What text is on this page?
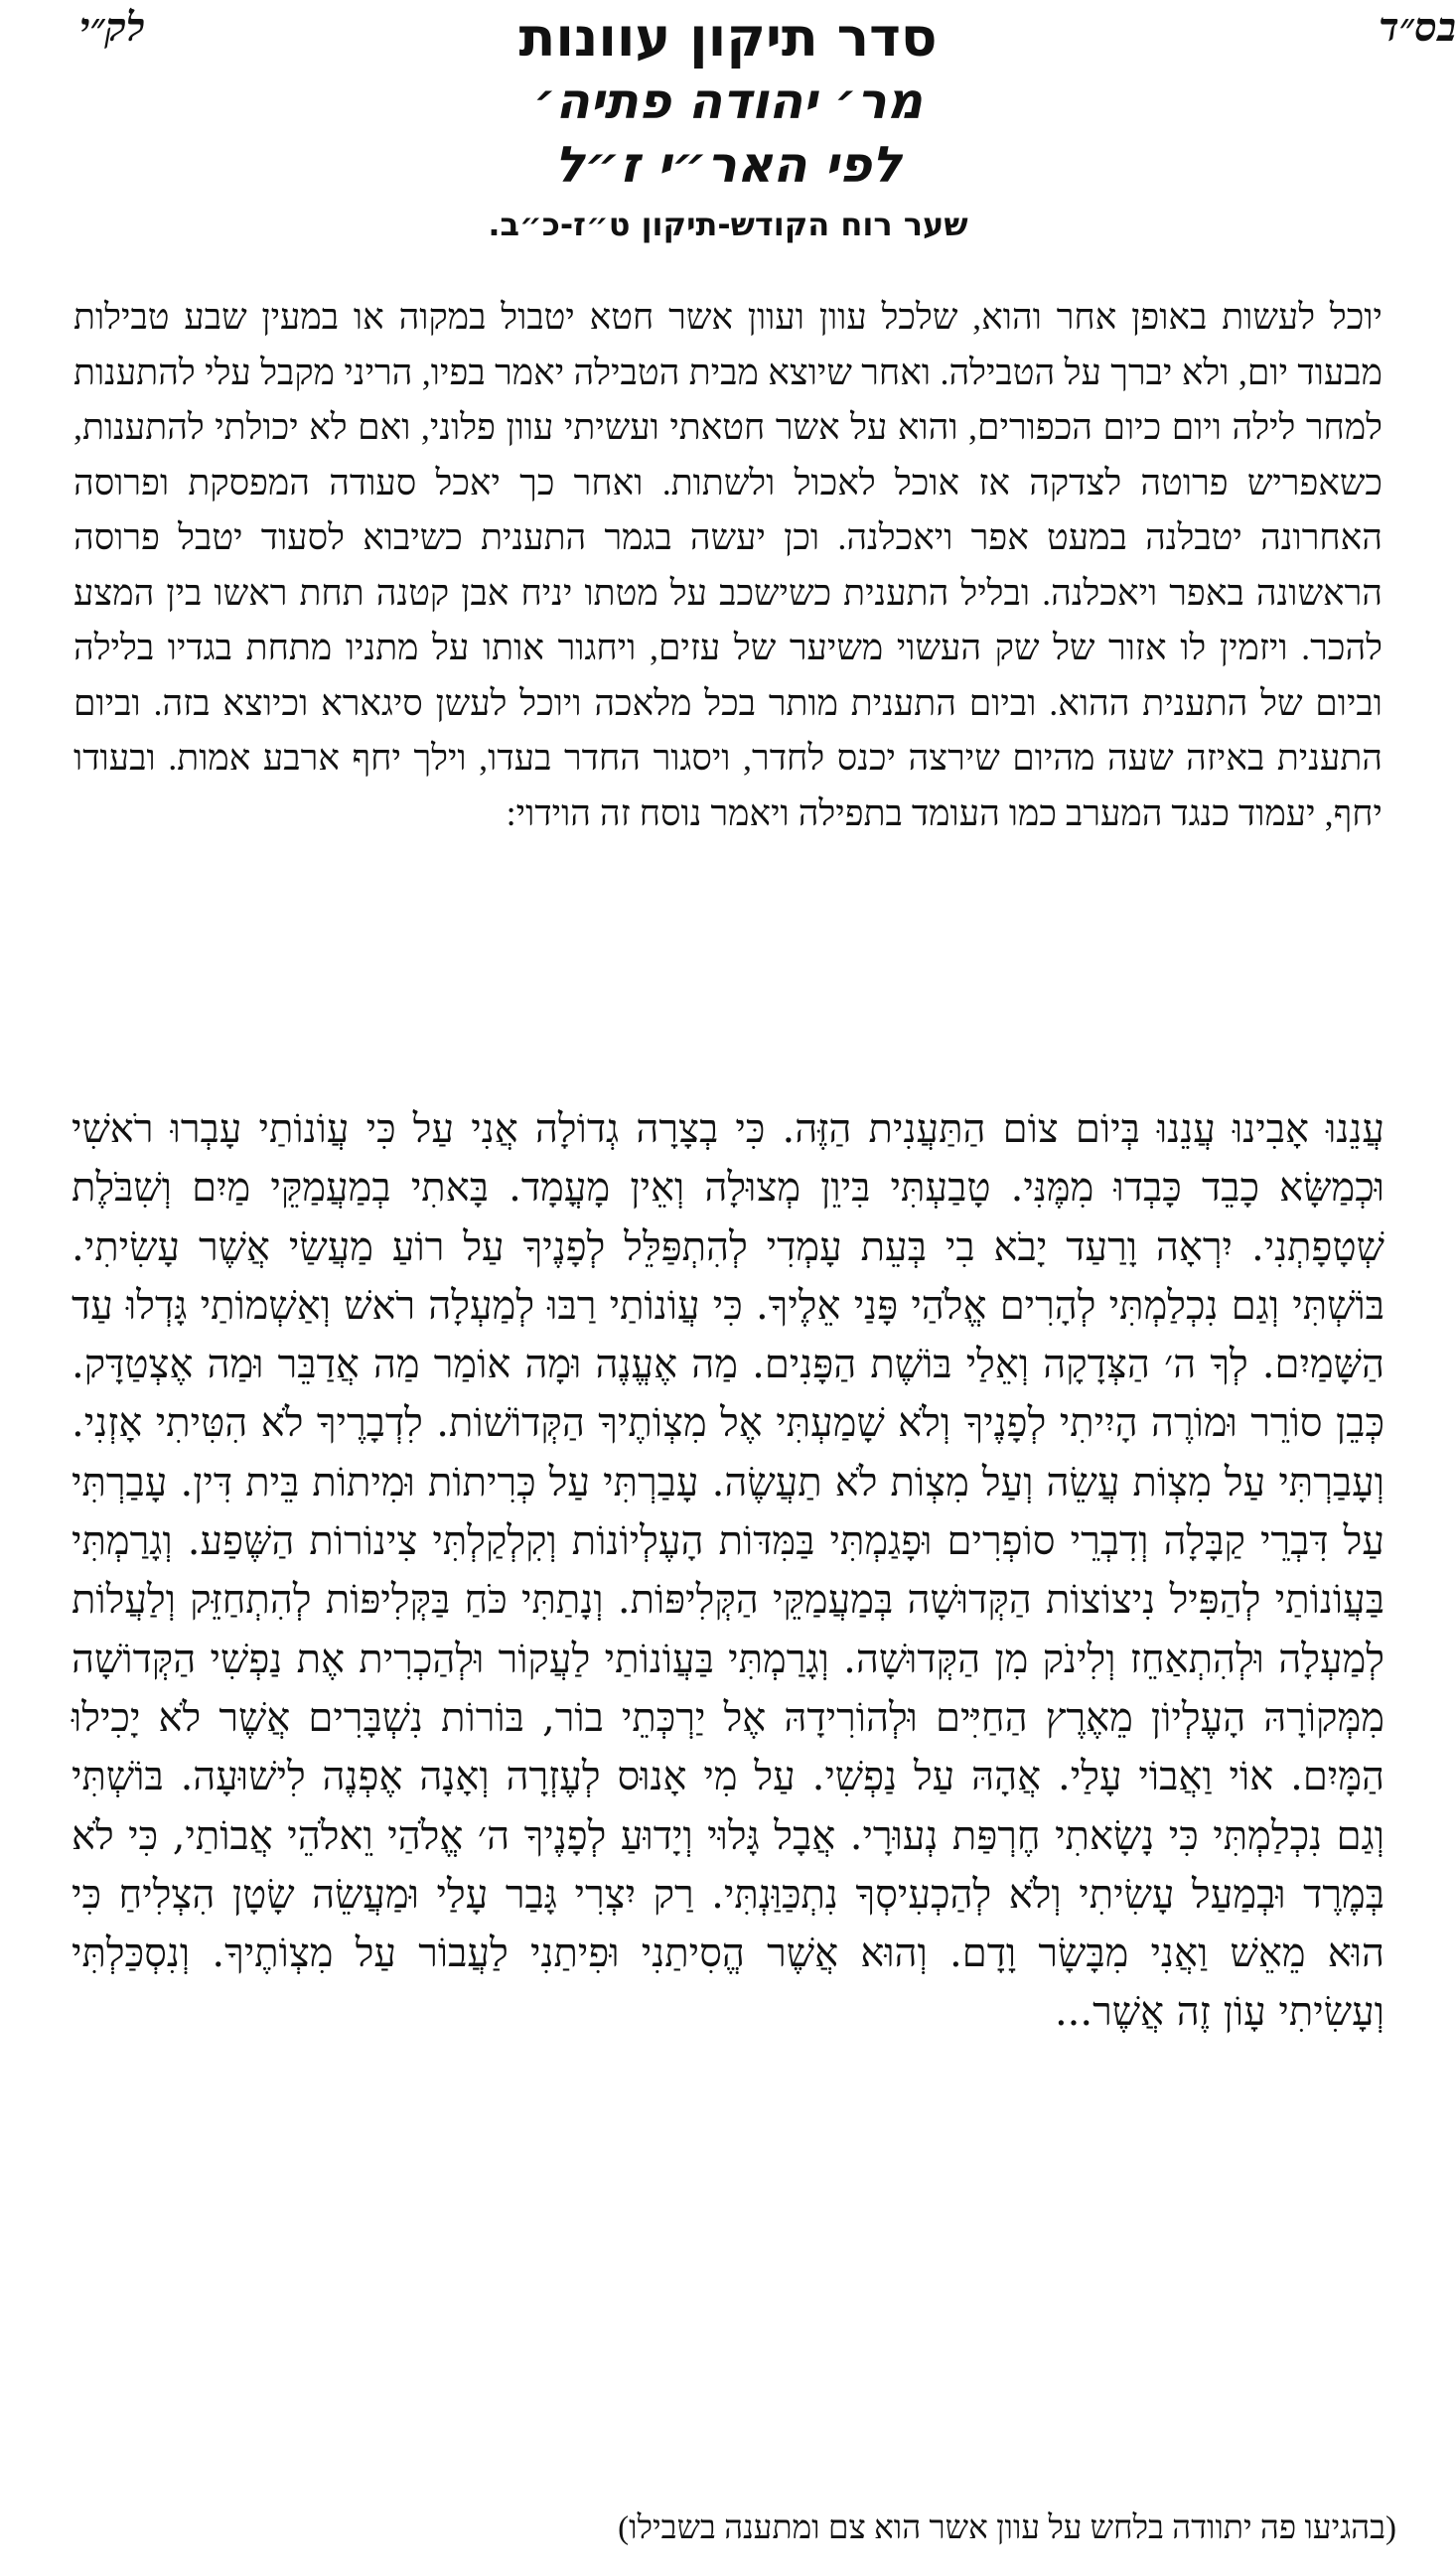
בס״ד
לק״י	סדר תיקון עוונות
מר׳ יהודה פתיה׳
לפי האר״י ז״ל
שער רוח הקודש-תיקון ט״ז-כ״ב.

יוכל לעשות באופן אחר והוא, שלכל עוון ועוון אשר חטא יטבול במקוה או במעין שבע טבילות מבעוד יום, ולא יברך על הטבילה. ואחר שיוצא מבית הטבילה יאמר בפיו, הריני מקבל עלי להתענות למחר לילה ויום כיום הכפורים, והוא על אשר חטאתי ועשיתי עוון פלוני, ואם לא יכולתי להתענות, כשאפריש פרוטה לצדקה אז אוכל לאכול ולשתות. ואחר כך יאכל סעודה המפסקת ופרוסה האחרונה יטבלנה במעט אפר ויאכלנה. וכן יעשה בגמר התענית כשיבוא לסעוד יטבל פרוסה הראשונה באפר ויאכלנה. ובליל התענית כשישכב על מטתו יניח אבן קטנה תחת ראשו בין המצע להכר. ויזמין לו אזור של שק העשוי משיער של עזים, ויחגור אותו על מתניו מתחת בגדיו בלילה וביום של התענית ההוא. וביום התענית מותר בכל מלאכה ויוכל לעשן סיגארא וכיוצא בזה. וביום התענית באיזה שעה מהיום שירצה יכנס לחדר, ויסגור החדר בעדו, וילך יחף ארבע אמות. ובעודו יחף, יעמוד כנגד המערב כמו העומד בתפילה ויאמר נוסח זה הוידוי:

עֲנֵנוּ אָבִינוּ עֲנֵנוּ בְּיוֹם צוֹם הַתַּעֲנִית הַזֶּה. כִּי בְצָרָה גְדוֹלָה אֲנִי עַל כִּי עֲוֹנוֹתַי עָבְרוּ רֹאשִׁי וּכְמַשָּׂא כָבֵד כָּבְדוּ מִמֶּנִּי. טָבַעְתִּי בִּיוֵן מְצוּלָה וְאֵין מָעֳמָד. בָּאתִי בְמַעֲמַקֵּי מַיִם וְשִׁבֹּלֶת שְׁטָפָתְנִי. יִרְאָה וָרַעַד יָבֹא בִי בְּעֵת עָמְדִי לְהִתְפַּלֵּל לְפָנֶיךָ עַל רוֹעַ מַעֲשַׂי אֲשֶׁר עָשִׂיתִי. בּוֹשְׁתִּי וְגַם נִכְלַמְתִּי לְהָרִים אֱלֹהַי פָּנַי אֵלֶיךָ. כִּי עֲוֹנוֹתַי רַבּוּ לְמַעְלָה רֹאשׁ וְאַשְׁמוֹתַי גָּדְלוּ עַד הַשָּׁמַיִם. לְךָ ה׳ הַצְּדָקָה וְאֵלַי בּוֹשֶׁת הַפָּנִים. מַה אֶעֱנֶה וּמָה אוֹמַר מַה אֲדַבֵּר וּמַה אֶצְטַדָּק. כְּבֵן סוֹרֵר וּמוֹרֶה הָיִיתִי לְפָנֶיךָ וְלֹא שָׁמַעְתִּי אֶל מִצְוֹתֶיךָ הַקְּדוֹשׁוֹת. לִדְבָרֶיךָ לֹא הִטִּיתִי אָזְנִי. וְעָבַרְתִּי עַל מִצְוֹת עֲשֵׂה וְעַל מִצְוֹת לֹא תַעֲשֶׂה. עָבַרְתִּי עַל כְּרִיתוֹת וּמִיתוֹת בֵּית דִּין. עָבַרְתִּי עַל דִּבְרֵי קַבָּלָה וְדִבְרֵי סוֹפְרִים וּפָגַמְתִּי בַּמִּדּוֹת הָעֶלְיוֹנוֹת וְקִלְקַלְתִּי צִינוֹרוֹת הַשֶּׁפַע. וְגָרַמְתִּי בַּעֲוֹנוֹתַי לְהַפִּיל נִיצוֹצוֹת הַקְּדוּשָׁה בְּמַעֲמַקֵּי הַקְּלִיפּוֹת. וְנָתַתִּי כֹּחַ בַּקְּלִיפּוֹת לְהִתְחַזֵּק וְלַעֲלוֹת לְמַעְלָה וּלְהִתְאַחֵז וְלִינֹק מִן הַקְּדוּשָׁה. וְגָרַמְתִּי בַּעֲוֹנוֹתַי לַעֲקוֹר וּלְהַכְרִית אֶת נַפְשִׁי הַקְּדוֹשָׁה מִמְּקוֹרָהּ הָעֶלְיוֹן מֵאֶרֶץ הַחַיִּים וּלְהוֹרִידָהּ אֶל יַרְכְּתֵי בוֹר, בּוֹרוֹת נִשְׁבָּרִים אֲשֶׁר לֹא יָכִילוּ הַמָּיִם. אוֹי וַאֲבוֹי עָלַי. אֲהָהּ עַל נַפְשִׁי. עַל מִי אָנוּס לְעֶזְרָה וְאָנָה אֶפְנֶה לִישׁוּעָה. בּוֹשְׁתִּי וְגַם נִכְלַמְתִּי כִּי נָשָׂאתִי חֶרְפַּת נְעוּרָי. אֲבָל גָּלוּי וְיָדוּעַ לְפָנֶיךָ ה׳ אֱלֹהַי וֵאלֹהֵי אֲבוֹתַי, כִּי לֹא בְּמֶרֶד וּבְמַעַל עָשִׂיתִי וְלֹא לְהַכְעִיסְךָ נִתְכַּוַּנְתִּי. רַק יִצְרִי גָּבַר עָלַי וּמַעֲשֵׂה שָׂטָן הִצְלִיחַ כִּי הוּא מֵאֵשׁ וַאֲנִי מִבָּשָׂר וָדָם. וְהוּא אֲשֶׁר הֱסִיתַנִי וּפִיתַנִי לַעֲבוֹר עַל מִצְוֹתֶיךָ. וְנִסְכַּלְתִּי וְעָשִׂיתִי עָוֹן זֶה אֲשֶׁר...

(בהגיעו פה יתוודה בלחש על עוון אשר הוא צם ומתענה בשבילו)
